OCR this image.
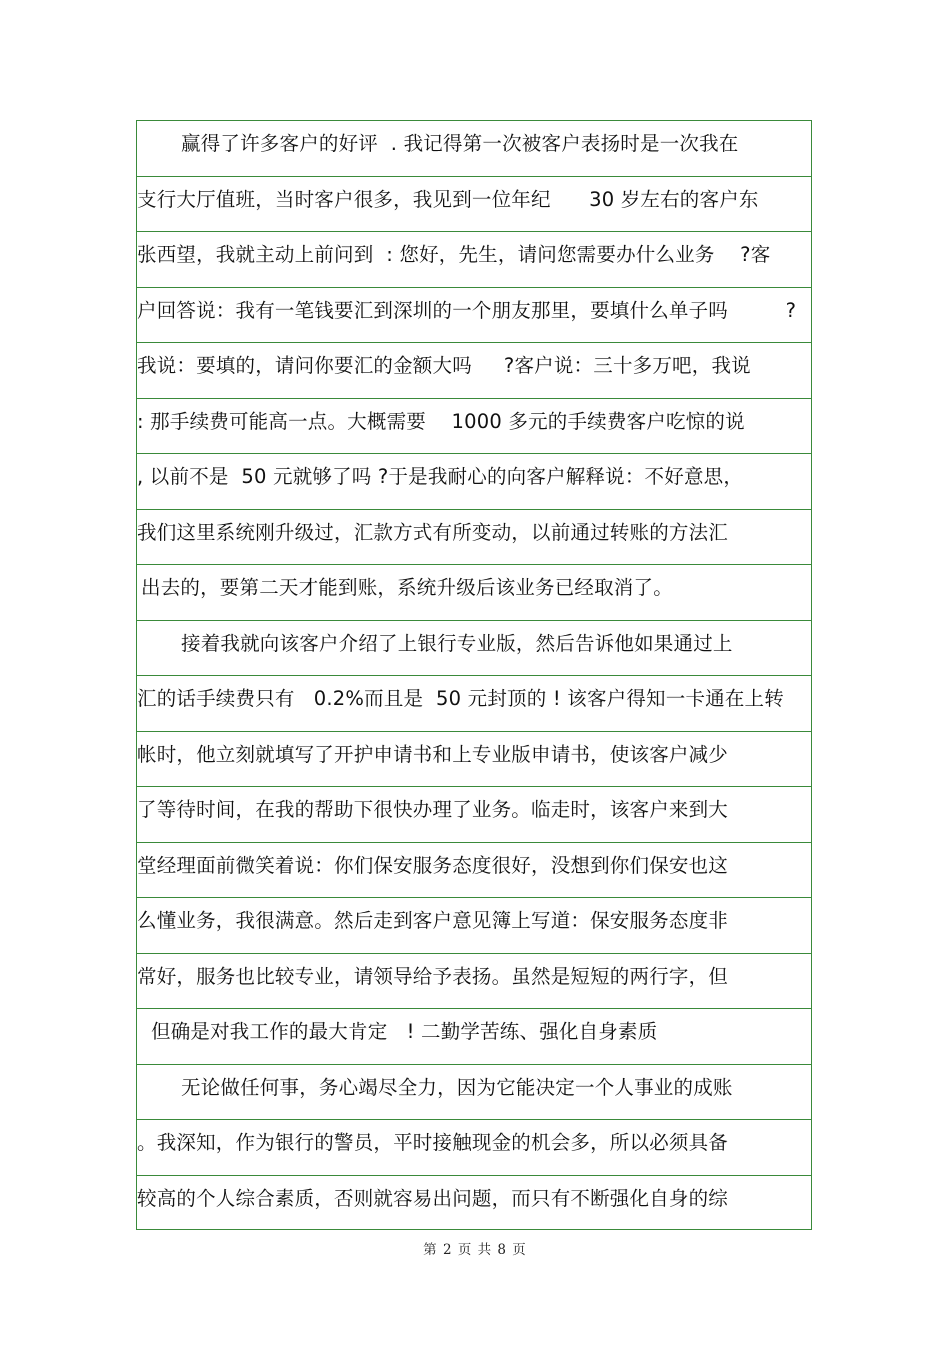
赢得了许多客户的好评  . 我记得第一次被客户表扬时是一次我在
支行大厅值班，当时客户很多，我见到一位年纪      30 岁左右的客户东
张西望，我就主动上前问到  : 您好，先生，请问您需要办什么业务    ?客
户回答说：我有一笔钱要汇到深圳的一个朋友那里，要填什么单子吗         ?
我说：要填的，请问你要汇的金额大吗     ?客户说：三十多万吧，我说
: 那手续费可能高一点。大概需要    1000 多元的手续费客户吃惊的说
, 以前不是  50 元就够了吗 ?于是我耐心的向客户解释说：不好意思，
我们这里系统刚升级过，汇款方式有所变动，以前通过转账的方法汇
出去的，要第二天才能到账，系统升级后该业务已经取消了。
接着我就向该客户介绍了上银行专业版，然后告诉他如果通过上
汇的话手续费只有   0.2%而且是  50 元封顶的 ! 该客户得知一卡通在上转
帐时，他立刻就填写了开护申请书和上专业版申请书，使该客户减少
了等待时间，在我的帮助下很快办理了业务。临走时，该客户来到大
堂经理面前微笑着说：你们保安服务态度很好，没想到你们保安也这
么懂业务，我很满意。然后走到客户意见簿上写道：保安服务态度非
常好，服务也比较专业，请领导给予表扬。虽然是短短的两行字，但
但确是对我工作的最大肯定   ! 二勤学苦练、强化自身素质
无论做任何事，务心竭尽全力，因为它能决定一个人事业的成账
。我深知，作为银行的警员，平时接触现金的机会多，所以必须具备
较高的个人综合素质，否则就容易出问题，而只有不断强化自身的综
第 2 页 共 8 页
